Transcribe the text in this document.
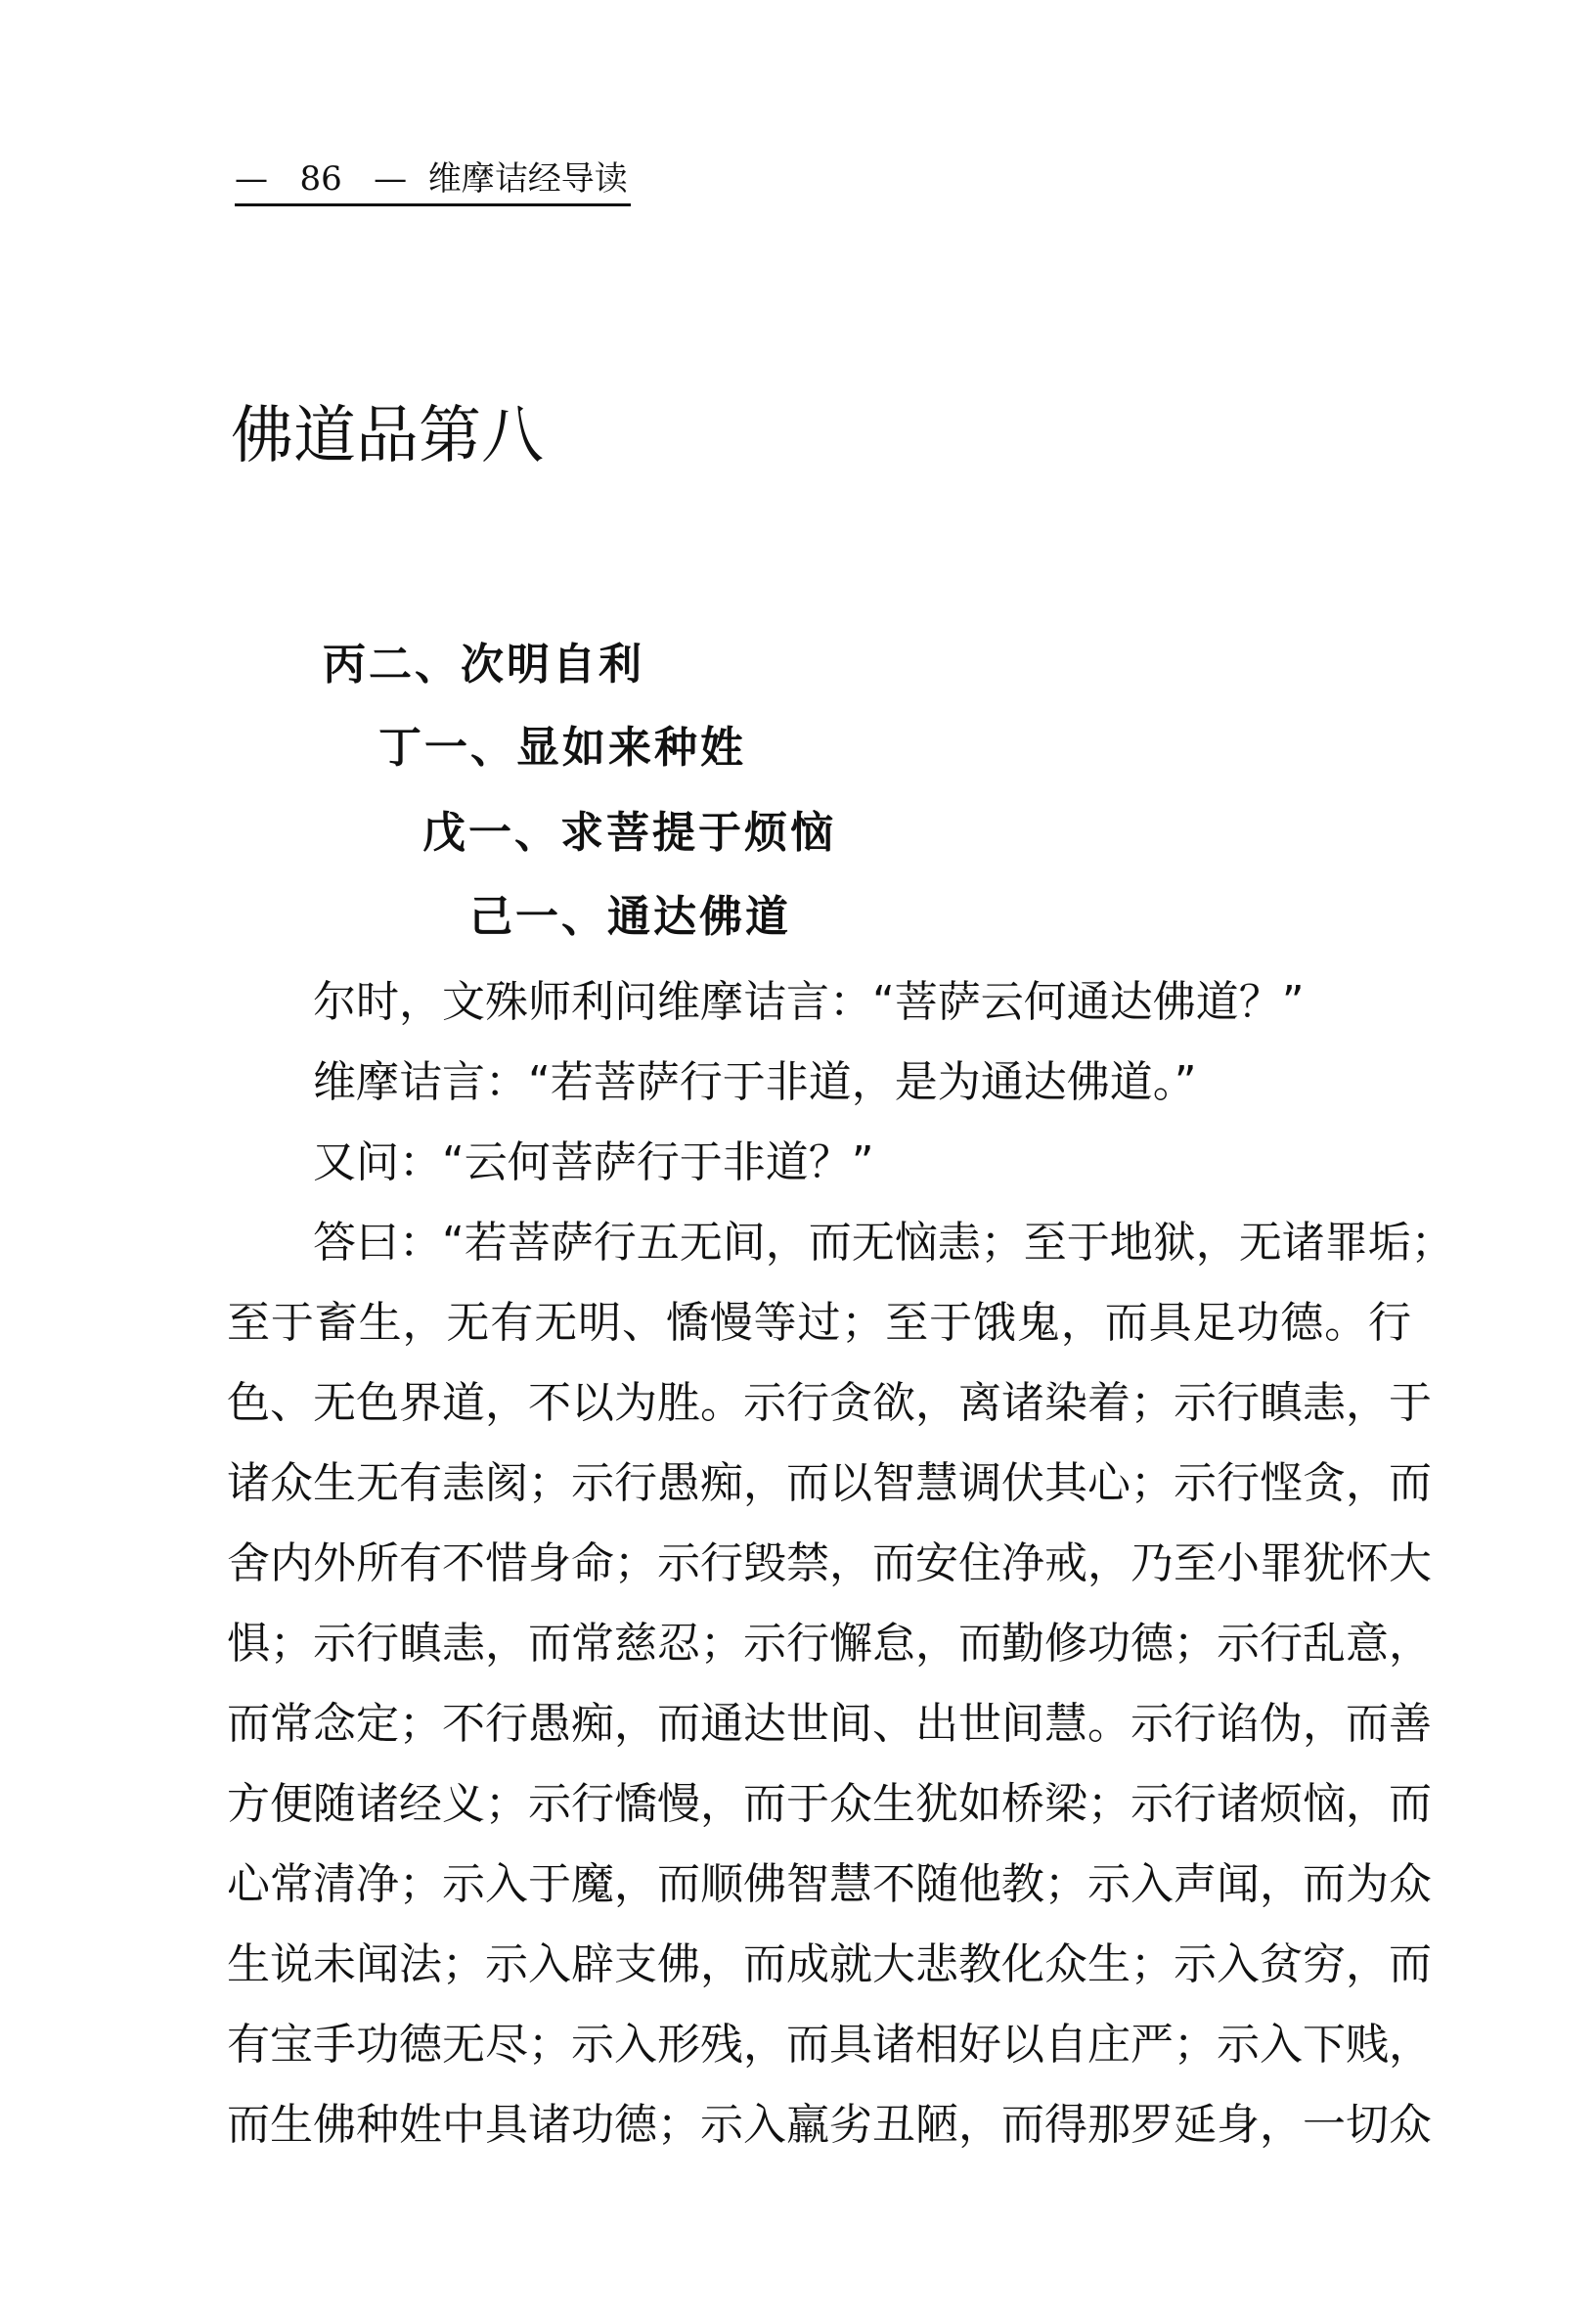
—   86   —  维摩诘经导读
佛道品第八
丙二、次明自利
丁一、显如来种姓
戊一、求菩提于烦恼
己一、通达佛道
尔时，文殊师利问维摩诘言：“菩萨云何通达佛道？”
维摩诘言：“若菩萨行于非道，是为通达佛道。”
又问：“云何菩萨行于非道？”
答曰：“若菩萨行五无间，而无恼恚；至于地狱，无诸罪垢；
至于畜生，无有无明、憍慢等过；至于饿鬼，而具足功德。行
色、无色界道，不以为胜。示行贪欲，离诸染着；示行瞋恚，于
诸众生无有恚阂；示行愚痴，而以智慧调伏其心；示行悭贪，而
舍内外所有不惜身命；示行毁禁，而安住净戒，乃至小罪犹怀大
惧；示行瞋恚，而常慈忍；示行懈怠，而勤修功德；示行乱意，
而常念定；不行愚痴，而通达世间、出世间慧。示行谄伪，而善
方便随诸经义；示行憍慢，而于众生犹如桥梁；示行诸烦恼，而
心常清净；示入于魔，而顺佛智慧不随他教；示入声闻，而为众
生说未闻法；示入辟支佛，而成就大悲教化众生；示入贫穷，而
有宝手功德无尽；示入形残，而具诸相好以自庄严；示入下贱，
而生佛种姓中具诸功德；示入羸劣丑陋，而得那罗延身，一切众
